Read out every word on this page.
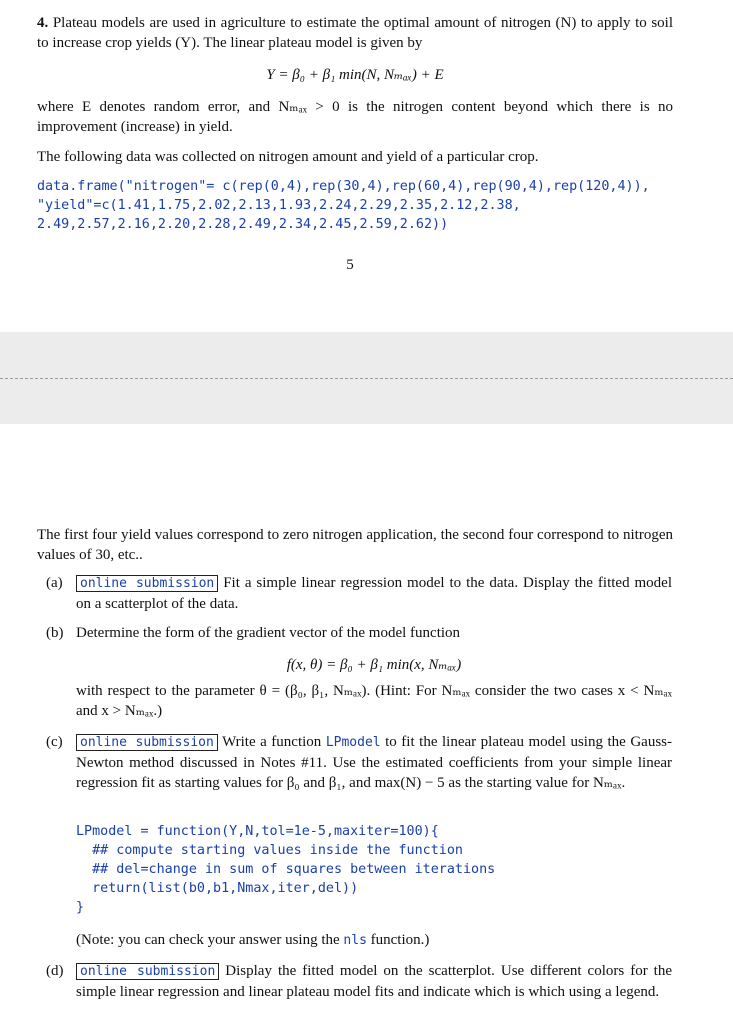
4. Plateau models are used in agriculture to estimate the optimal amount of nitrogen (N) to apply to soil to increase crop yields (Y). The linear plateau model is given by
Y = β₀ + β₁ min(N, Nₘₐₓ) + E
where E denotes random error, and Nₘₐₓ > 0 is the nitrogen content beyond which there is no improvement (increase) in yield.
The following data was collected on nitrogen amount and yield of a particular crop.
data.frame("nitrogen"= c(rep(0,4),rep(30,4),rep(60,4),rep(90,4),rep(120,4)),
"yield"=c(1.41,1.75,2.02,2.13,1.93,2.24,2.29,2.35,2.12,2.38,
2.49,2.57,2.16,2.20,2.28,2.49,2.34,2.45,2.59,2.62))
5
The first four yield values correspond to zero nitrogen application, the second four correspond to nitrogen values of 30, etc..
(a)	online submission Fit a simple linear regression model to the data. Display the fitted model on a scatterplot of the data.
(b) Determine the form of the gradient vector of the model function
f(x, θ) = β₀ + β₁ min(x, Nₘₐₓ)
with respect to the parameter θ = (β₀, β₁, Nₘₐₓ). (Hint: For Nₘₐₓ consider the two cases x < Nₘₐₓ and x > Nₘₐₓ.)
(c)	online submission Write a function LPmodel to fit the linear plateau model using the Gauss-Newton method discussed in Notes #11. Use the estimated coefficients from your simple linear regression fit as starting values for β₀ and β₁, and max(N) − 5 as the starting value for Nₘₐₓ.
LPmodel = function(Y,N,tol=1e-5,maxiter=100){
## compute starting values inside the function
## del=change in sum of squares between iterations
return(list(b0,b1,Nmax,iter,del))
}
(Note: you can check your answer using the nls function.)
(d)	online submission Display the fitted model on the scatterplot. Use different colors for the simple linear regression and linear plateau model fits and indicate which is which using a legend.
